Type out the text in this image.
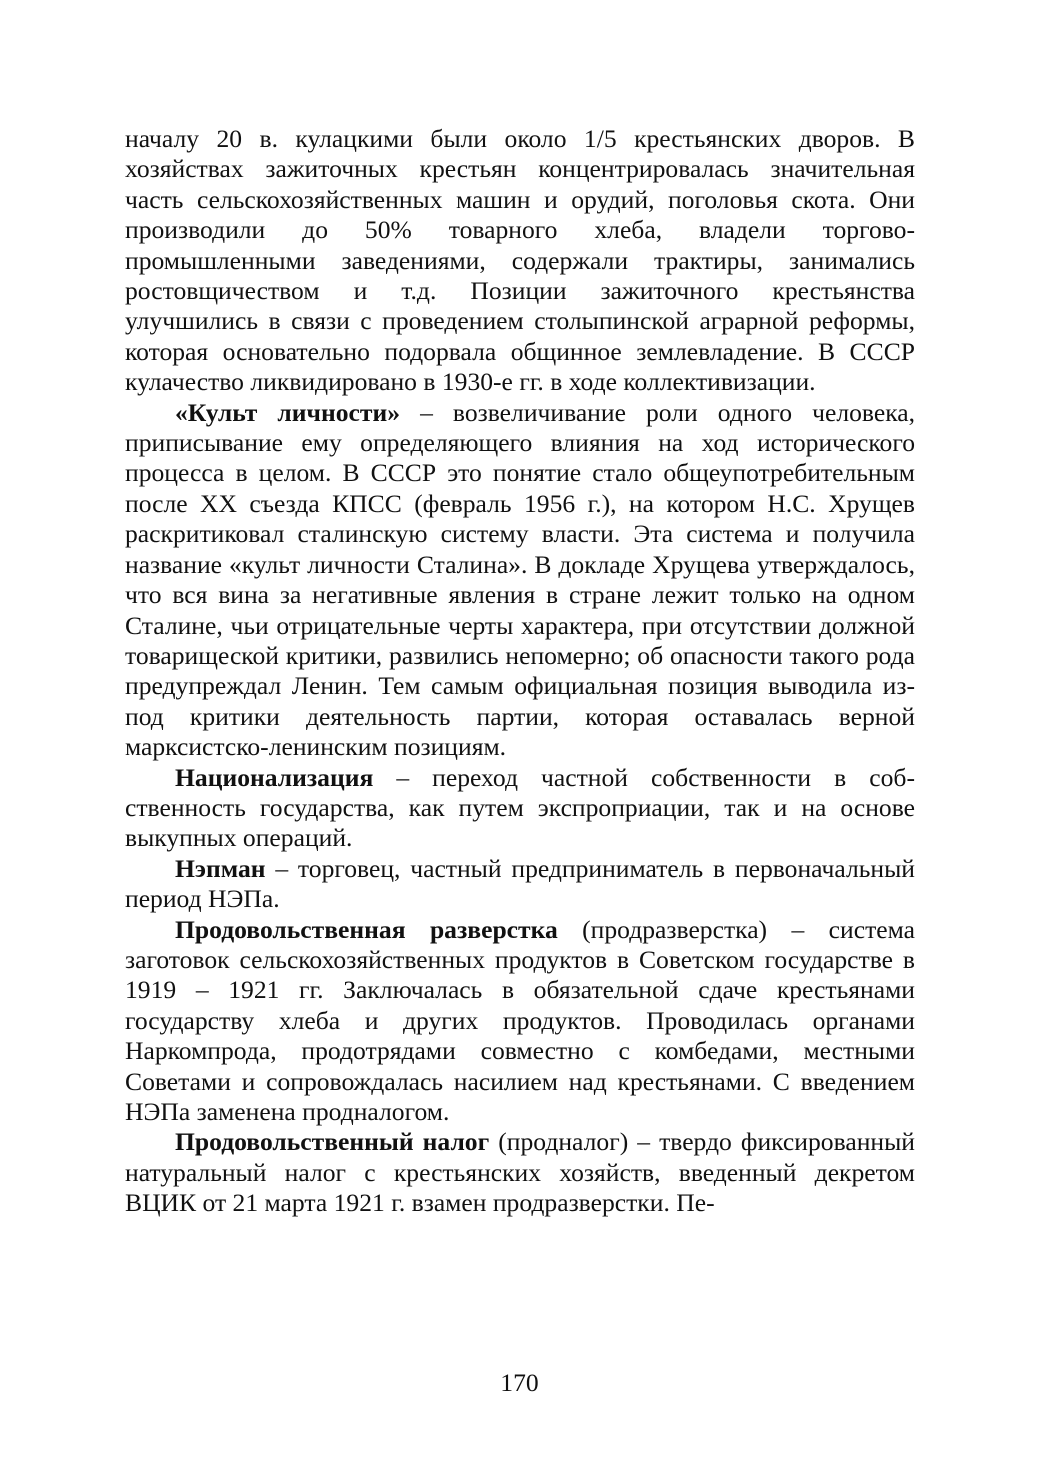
началу 20 в. кулацкими были около 1/5 крестьянских дворов. В хозяйствах зажиточных крестьян концентрировалась значительная часть сельскохозяйственных машин и орудий, поголовья скота. Они производили до 50% товарного хлеба, владели торгово-промышленными заведениями, содержали трактиры, занимались ростовщичеством и т.д. Позиции зажиточного крестьянства улучшились в связи с проведением столыпинской аграрной реформы, которая основательно подорвала общинное землевладение. В СССР кулачество ликвидировано в 1930-е гг. в ходе коллективизации.

«Культ личности» – возвеличивание роли одного человека, приписывание ему определяющего влияния на ход исторического процесса в целом. В СССР это понятие стало общеупотребительным после XX съезда КПСС (февраль 1956 г.), на котором Н.С. Хрущев раскритиковал сталинскую систему власти. Эта система и получила название «культ личности Сталина». В докладе Хрущева утверждалось, что вся вина за негативные явления в стране лежит только на одном Сталине, чьи отрицательные черты характера, при отсутствии должной товарищеской критики, развились непомерно; об опасности такого рода предупреждал Ленин. Тем самым официальная позиция выводила из-под критики деятельность партии, которая оставалась верной марксистско-ленинским позициям.

Национализация – переход частной собственности в собственность государства, как путем экспроприации, так и на основе выкупных операций.

Нэпман – торговец, частный предприниматель в первоначальный период НЭПа.

Продовольственная разверстка (продразверстка) – система заготовок сельскохозяйственных продуктов в Советском государстве в 1919 – 1921 гг. Заключалась в обязательной сдаче крестьянами государству хлеба и других продуктов. Проводилась органами Наркомпрода, продотрядами совместно с комбедами, местными Советами и сопровождалась насилием над крестьянами. С введением НЭПа заменена продналогом.

Продовольственный налог (продналог) – твердо фиксированный натуральный налог с крестьянских хозяйств, введенный декретом ВЦИК от 21 марта 1921 г. взамен продразверстки. Пе-

170
